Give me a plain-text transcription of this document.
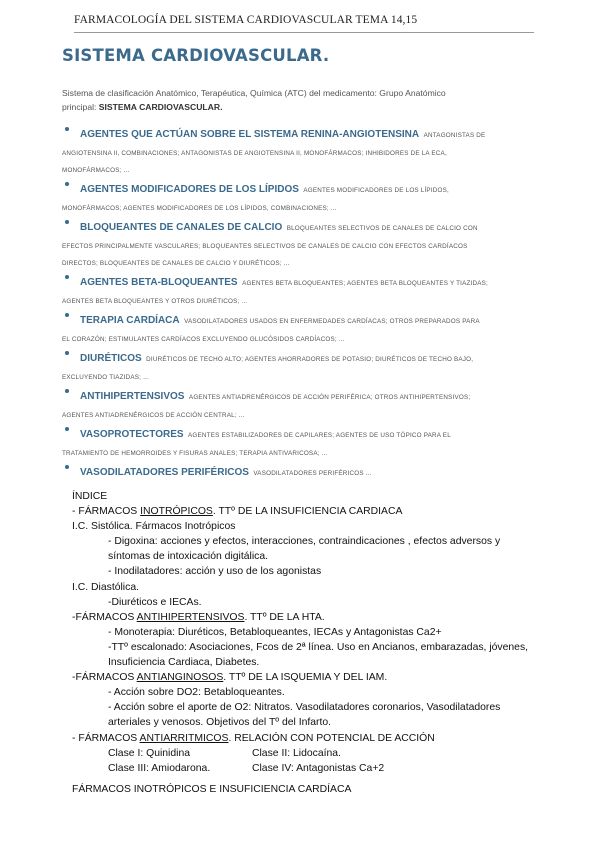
FARMACOLOGÍA DEL SISTEMA CARDIOVASCULAR TEMA 14,15
SISTEMA CARDIOVASCULAR.
Sistema de clasificación Anatómico, Terapéutica, Química (ATC) del medicamento: Grupo Anatómico principal: SISTEMA CARDIOVASCULAR.
AGENTES QUE ACTÚAN SOBRE EL SISTEMA RENINA-ANGIOTENSINA ANTAGONISTAS DE
ANGIOTENSINA II, COMBINACIONES; ANTAGONISTAS DE ANGIOTENSINA II, MONOFÁRMACOS; INHIBIDORES DE LA ECA,
MONOFÁRMACOS; ...
AGENTES MODIFICADORES DE LOS LÍPIDOS AGENTES MODIFICADORES DE LOS LÍPIDOS,
MONOFÁRMACOS; AGENTES MODIFICADORES DE LOS LÍPIDOS, COMBINACIONES; ...
BLOQUEANTES DE CANALES DE CALCIO BLOQUEANTES SELECTIVOS DE CANALES DE CALCIO CON
EFECTOS PRINCIPALMENTE VASCULARES; BLOQUEANTES SELECTIVOS DE CANALES DE CALCIO CON EFECTOS CARDÍACOS
DIRECTOS; BLOQUEANTES DE CANALES DE CALCIO Y DIURÉTICOS; ...
AGENTES BETA-BLOQUEANTES AGENTES BETA BLOQUEANTES; AGENTES BETA BLOQUEANTES Y TIAZIDAS;
AGENTES BETA BLOQUEANTES Y OTROS DIURÉTICOS; ...
TERAPIA CARDÍACA VASODILATADORES USADOS EN ENFERMEDADES CARDÍACAS; OTROS PREPARADOS PARA
EL CORAZÓN; ESTIMULANTES CARDÍACOS EXCLUYENDO GLUCÓSIDOS CARDÍACOS; ...
DIURÉTICOS DIURÉTICOS DE TECHO ALTO; AGENTES AHORRADORES DE POTASIO; DIURÉTICOS DE TECHO BAJO,
EXCLUYENDO TIAZIDAS; ...
ANTIHIPERTENSIVOS AGENTES ANTIADRENÉRGICOS DE ACCIÓN PERIFÉRICA; OTROS ANTIHIPERTENSIVOS;
AGENTES ANTIADRENÉRGICOS DE ACCIÓN CENTRAL; ...
VASOPROTECTORES AGENTES ESTABILIZADORES DE CAPILARES; AGENTES DE USO TÓPICO PARA EL
TRATAMIENTO DE HEMORROIDES Y FISURAS ANALES; TERAPIA ANTIVARICOSA; ...
VASODILATADORES PERIFÉRICOS VASODILATADORES PERIFÉRICOS ...
ÍNDICE
- FÁRMACOS INOTRÓPICOS. TTº DE LA INSUFICIENCIA CARDIACA
I.C. Sistólica. Fármacos Inotrópicos
- Digoxina: acciones y efectos, interacciones, contraindicaciones , efectos adversos y síntomas de intoxicación digitálica.
- Inodilatadores: acción y uso de los agonistas
I.C. Diastólica.
-Diuréticos e IECAs.
-FÁRMACOS ANTIHIPERTENSIVOS. TTº DE LA HTA.
- Monoterapia: Diuréticos, Betabloqueantes, IECAs y Antagonistas Ca2+
-TTº escalonado: Asociaciones, Fcos de 2ª línea. Uso en Ancianos, embarazadas, jóvenes, Insuficiencia Cardiaca, Diabetes.
-FÁRMACOS ANTIANGINOSOS. TTº DE LA ISQUEMIA Y DEL IAM.
- Acción sobre DO2: Betabloqueantes.
- Acción sobre el aporte de O2: Nitratos. Vasodilatadores coronarios, Vasodilatadores arteriales y venosos. Objetivos del Tº del Infarto.
- FÁRMACOS ANTIARRITMICOS. RELACIÓN CON POTENCIAL DE ACCIÓN
Clase I: Quinidina	Clase II: Lidocaína.
Clase III: Amiodarona.	Clase IV: Antagonistas Ca+2
FÁRMACOS INOTRÓPICOS E INSUFICIENCIA CARDÍACA
